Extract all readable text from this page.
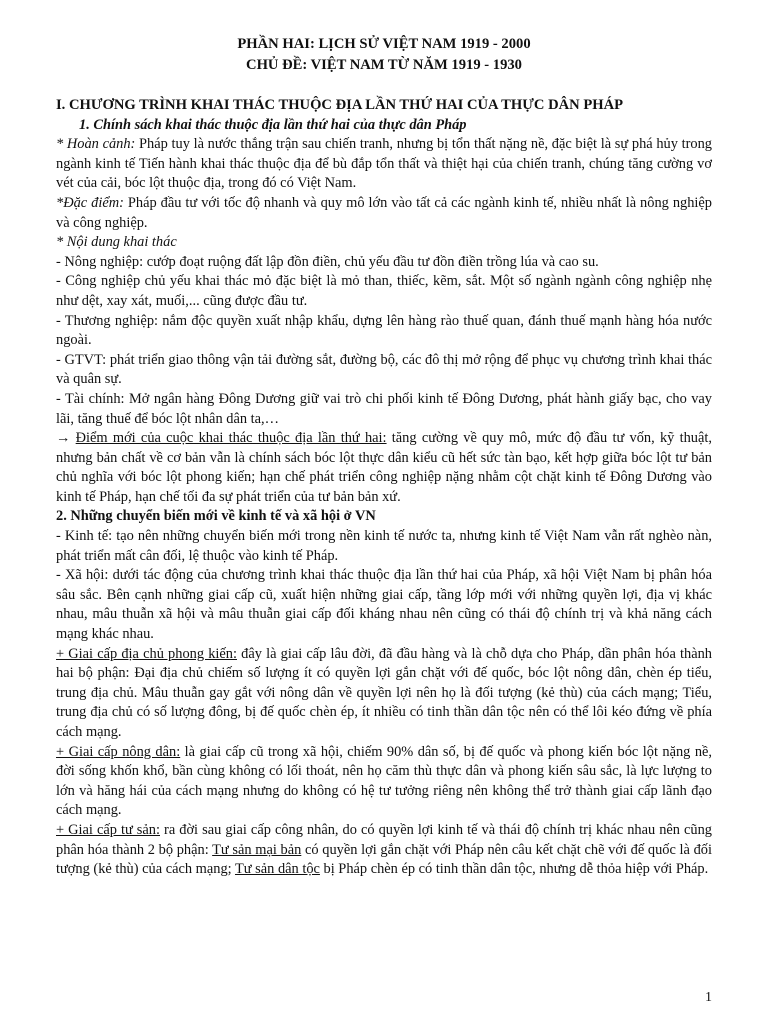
PHẦN HAI: LỊCH SỬ VIỆT NAM 1919 - 2000
CHỦ ĐỀ: VIỆT NAM TỪ NĂM 1919 - 1930
I. CHƯƠNG TRÌNH KHAI THÁC THUỘC ĐỊA LẦN THỨ HAI CỦA THỰC DÂN PHÁP
1. Chính sách khai thác thuộc địa lần thứ hai của thực dân Pháp

* Hoàn cảnh: Pháp tuy là nước thắng trận sau chiến tranh, nhưng bị tổn thất nặng nề, đặc biệt là sự phá hủy trong ngành kinh tế Tiến hành khai thác thuộc địa để bù đắp tổn thất và thiệt hại của chiến tranh, chúng tăng cường vơ vét của cải, bóc lột thuộc địa, trong đó có Việt Nam.

*Đặc điểm: Pháp đầu tư với tốc độ nhanh và quy mô lớn vào tất cả các ngành kinh tế, nhiều nhất là nông nghiệp và công nghiệp.

* Nội dung khai thác

- Nông nghiệp: cướp đoạt ruộng đất lập đồn điền, chủ yếu đầu tư đồn điền trồng lúa và cao su.

- Công nghiệp chủ yếu khai thác mỏ đặc biệt là mỏ than, thiếc, kẽm, sắt. Một số ngành ngành công nghiệp nhẹ như dệt, xay xát, muối,... cũng được đầu tư.

- Thương nghiệp: nắm độc quyền xuất nhập khẩu, dựng lên hàng rào thuế quan, đánh thuế mạnh hàng hóa nước ngoài.

- GTVT: phát triển giao thông vận tải đường sắt, đường bộ, các đô thị mở rộng để phục vụ chương trình khai thác và quân sự.

- Tài chính: Mở ngân hàng Đông Dương giữ vai trò chi phối kinh tế Đông Dương, phát hành giấy bạc, cho vay lãi, tăng thuế để bóc lột nhân dân ta,…

→ Điểm mới của cuộc khai thác thuộc địa lần thứ hai: tăng cường về quy mô, mức độ đầu tư vốn, kỹ thuật, nhưng bản chất về cơ bản vẫn là chính sách bóc lột thực dân kiểu cũ hết sức tàn bạo, kết hợp giữa bóc lột tư bản chủ nghĩa với bóc lột phong kiến; hạn chế phát triển công nghiệp nặng nhằm cột chặt kinh tế Đông Dương vào kinh tế Pháp, hạn chế tối đa sự phát triển của tư bản bản xứ.

2. Những chuyển biến mới về kinh tế và xã hội ở VN

- Kinh tế: tạo nên những chuyển biến mới trong nền kinh tế nước ta, nhưng kinh tế Việt Nam vẫn rất nghèo nàn, phát triển mất cân đối, lệ thuộc vào kinh tế Pháp.

- Xã hội: dưới tác động của chương trình khai thác thuộc địa lần thứ hai của Pháp, xã hội Việt Nam bị phân hóa sâu sắc. Bên cạnh những giai cấp cũ, xuất hiện những giai cấp, tầng lớp mới với những quyền lợi, địa vị khác nhau, mâu thuẫn xã hội và mâu thuẫn giai cấp đối kháng nhau nên cũng có thái độ chính trị và khả năng cách mạng khác nhau.

+ Giai cấp địa chủ phong kiến: đây là giai cấp lâu đời, đã đầu hàng và là chỗ dựa cho Pháp, dần phân hóa thành hai bộ phận: Đại địa chủ chiếm số lượng ít có quyền lợi gắn chặt với đế quốc, bóc lột nông dân, chèn ép tiểu, trung địa chủ. Mâu thuẫn gay gắt với nông dân về quyền lợi nên họ là đối tượng (kẻ thù) của cách mạng; Tiểu, trung địa chủ có số lượng đông, bị đế quốc chèn ép, ít nhiều có tinh thần dân tộc nên có thể lôi kéo đứng về phía cách mạng.

+ Giai cấp nông dân: là giai cấp cũ trong xã hội, chiếm 90% dân số, bị đế quốc và phong kiến bóc lột nặng nề, đời sống khốn khổ, bần cùng không có lối thoát, nên họ căm thù thực dân và phong kiến sâu sắc, là lực lượng to lớn và hăng hái của cách mạng nhưng do không có hệ tư tưởng riêng nên không thể trở thành giai cấp lãnh đạo cách mạng.

+ Giai cấp tư sản: ra đời sau giai cấp công nhân, do có quyền lợi kinh tế và thái độ chính trị khác nhau nên cũng phân hóa thành 2 bộ phận: Tư sản mại bản có quyền lợi gắn chặt với Pháp nên câu kết chặt chẽ với đế quốc là đối tượng (kẻ thù) của cách mạng; Tư sản dân tộc bị Pháp chèn ép có tinh thần dân tộc, nhưng dễ thỏa hiệp với Pháp.

1
